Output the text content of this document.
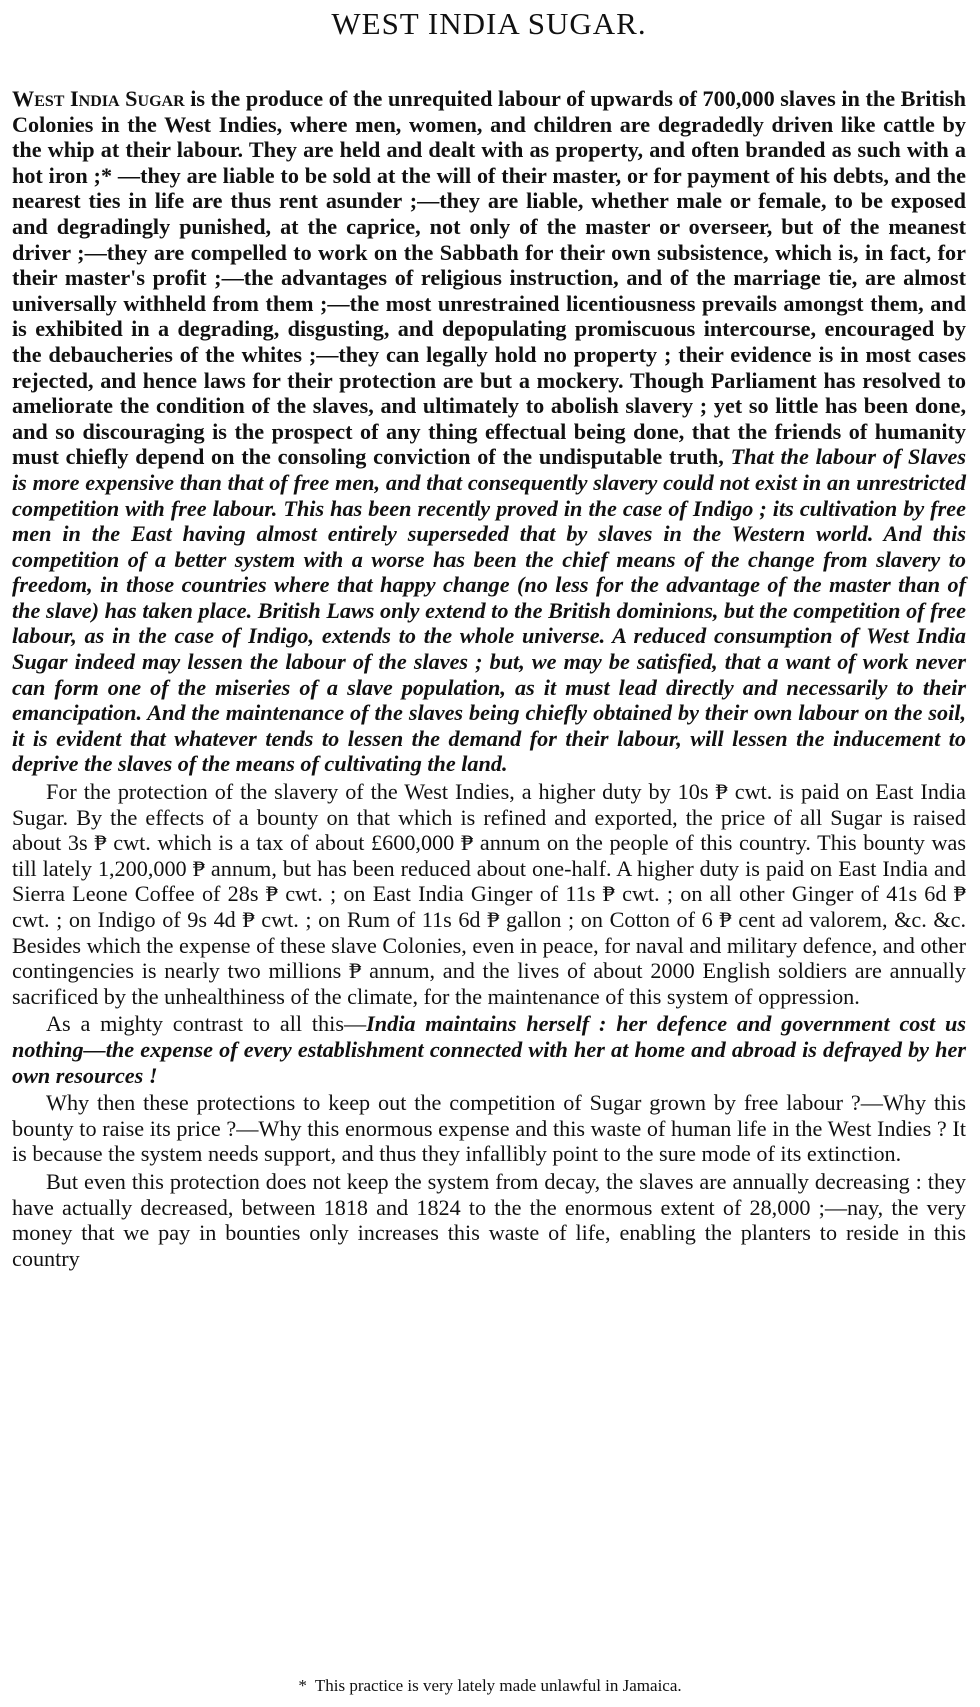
WEST INDIA SUGAR.

West India Sugar is the produce of the unrequited labour of upwards of 700,000 slaves in the British Colonies in the West Indies, where men, women, and children are degradedly driven like cattle by the whip at their labour. They are held and dealt with as property, and often branded as such with a hot iron ;* —they are liable to be sold at the will of their master, or for payment of his debts, and the nearest ties in life are thus rent asunder ;—they are liable, whether male or female, to be exposed and degradingly punished, at the caprice, not only of the master or overseer, but of the meanest driver ;—they are compelled to work on the Sabbath for their own subsistence, which is, in fact, for their master's profit ;—the advantages of religious instruction, and of the marriage tie, are almost universally withheld from them ;—the most unrestrained licentiousness prevails amongst them, and is exhibited in a degrading, disgusting, and depopulating promiscuous intercourse, encouraged by the debaucheries of the whites ;—they can legally hold no property ; their evidence is in most cases rejected, and hence laws for their protection are but a mockery. Though Parliament has resolved to ameliorate the condition of the slaves, and ultimately to abolish slavery ; yet so little has been done, and so discouraging is the prospect of any thing effectual being done, that the friends of humanity must chiefly depend on the consoling conviction of the undisputable truth, That the labour of Slaves is more expensive than that of free men, and that consequently slavery could not exist in an unrestricted competition with free labour. This has been recently proved in the case of Indigo ; its cultivation by free men in the East having almost entirely superseded that by slaves in the Western world. And this competition of a better system with a worse has been the chief means of the change from slavery to freedom, in those countries where that happy change (no less for the advantage of the master than of the slave) has taken place. British Laws only extend to the British dominions, but the competition of free labour, as in the case of Indigo, extends to the whole universe. A reduced consumption of West India Sugar indeed may lessen the labour of the slaves ; but, we may be satisfied, that a want of work never can form one of the miseries of a slave population, as it must lead directly and necessarily to their emancipation. And the maintenance of the slaves being chiefly obtained by their own labour on the soil, it is evident that whatever tends to lessen the demand for their labour, will lessen the inducement to deprive the slaves of the means of cultivating the land.

For the protection of the slavery of the West Indies, a higher duty by 10s ₱ cwt. is paid on East India Sugar. By the effects of a bounty on that which is refined and exported, the price of all Sugar is raised about 3s ₱ cwt. which is a tax of about £600,000 ₱ annum on the people of this country. This bounty was till lately 1,200,000 ₱ annum, but has been reduced about one-half. A higher duty is paid on East India and Sierra Leone Coffee of 28s ₱ cwt. ; on East India Ginger of 11s ₱ cwt. ; on all other Ginger of 41s 6d ₱ cwt. ; on Indigo of 9s 4d ₱ cwt. ; on Rum of 11s 6d ₱ gallon ; on Cotton of 6 ₱ cent ad valorem, &c. &c. Besides which the expense of these slave Colonies, even in peace, for naval and military defence, and other contingencies is nearly two millions ₱ annum, and the lives of about 2000 English soldiers are annually sacrificed by the unhealthiness of the climate, for the maintenance of this system of oppression.

As a mighty contrast to all this—India maintains herself : her defence and government cost us nothing—the expense of every establishment connected with her at home and abroad is defrayed by her own resources !

Why then these protections to keep out the competition of Sugar grown by free labour ?—Why this bounty to raise its price ?—Why this enormous expense and this waste of human life in the West Indies ? It is because the system needs support, and thus they infallibly point to the sure mode of its extinction.

But even this protection does not keep the system from decay, the slaves are annually decreasing : they have actually decreased, between 1818 and 1824 to the the enormous extent of 28,000 ;—nay, the very money that we pay in bounties only increases this waste of life, enabling the planters to reside in this country

* This practice is very lately made unlawful in Jamaica.
